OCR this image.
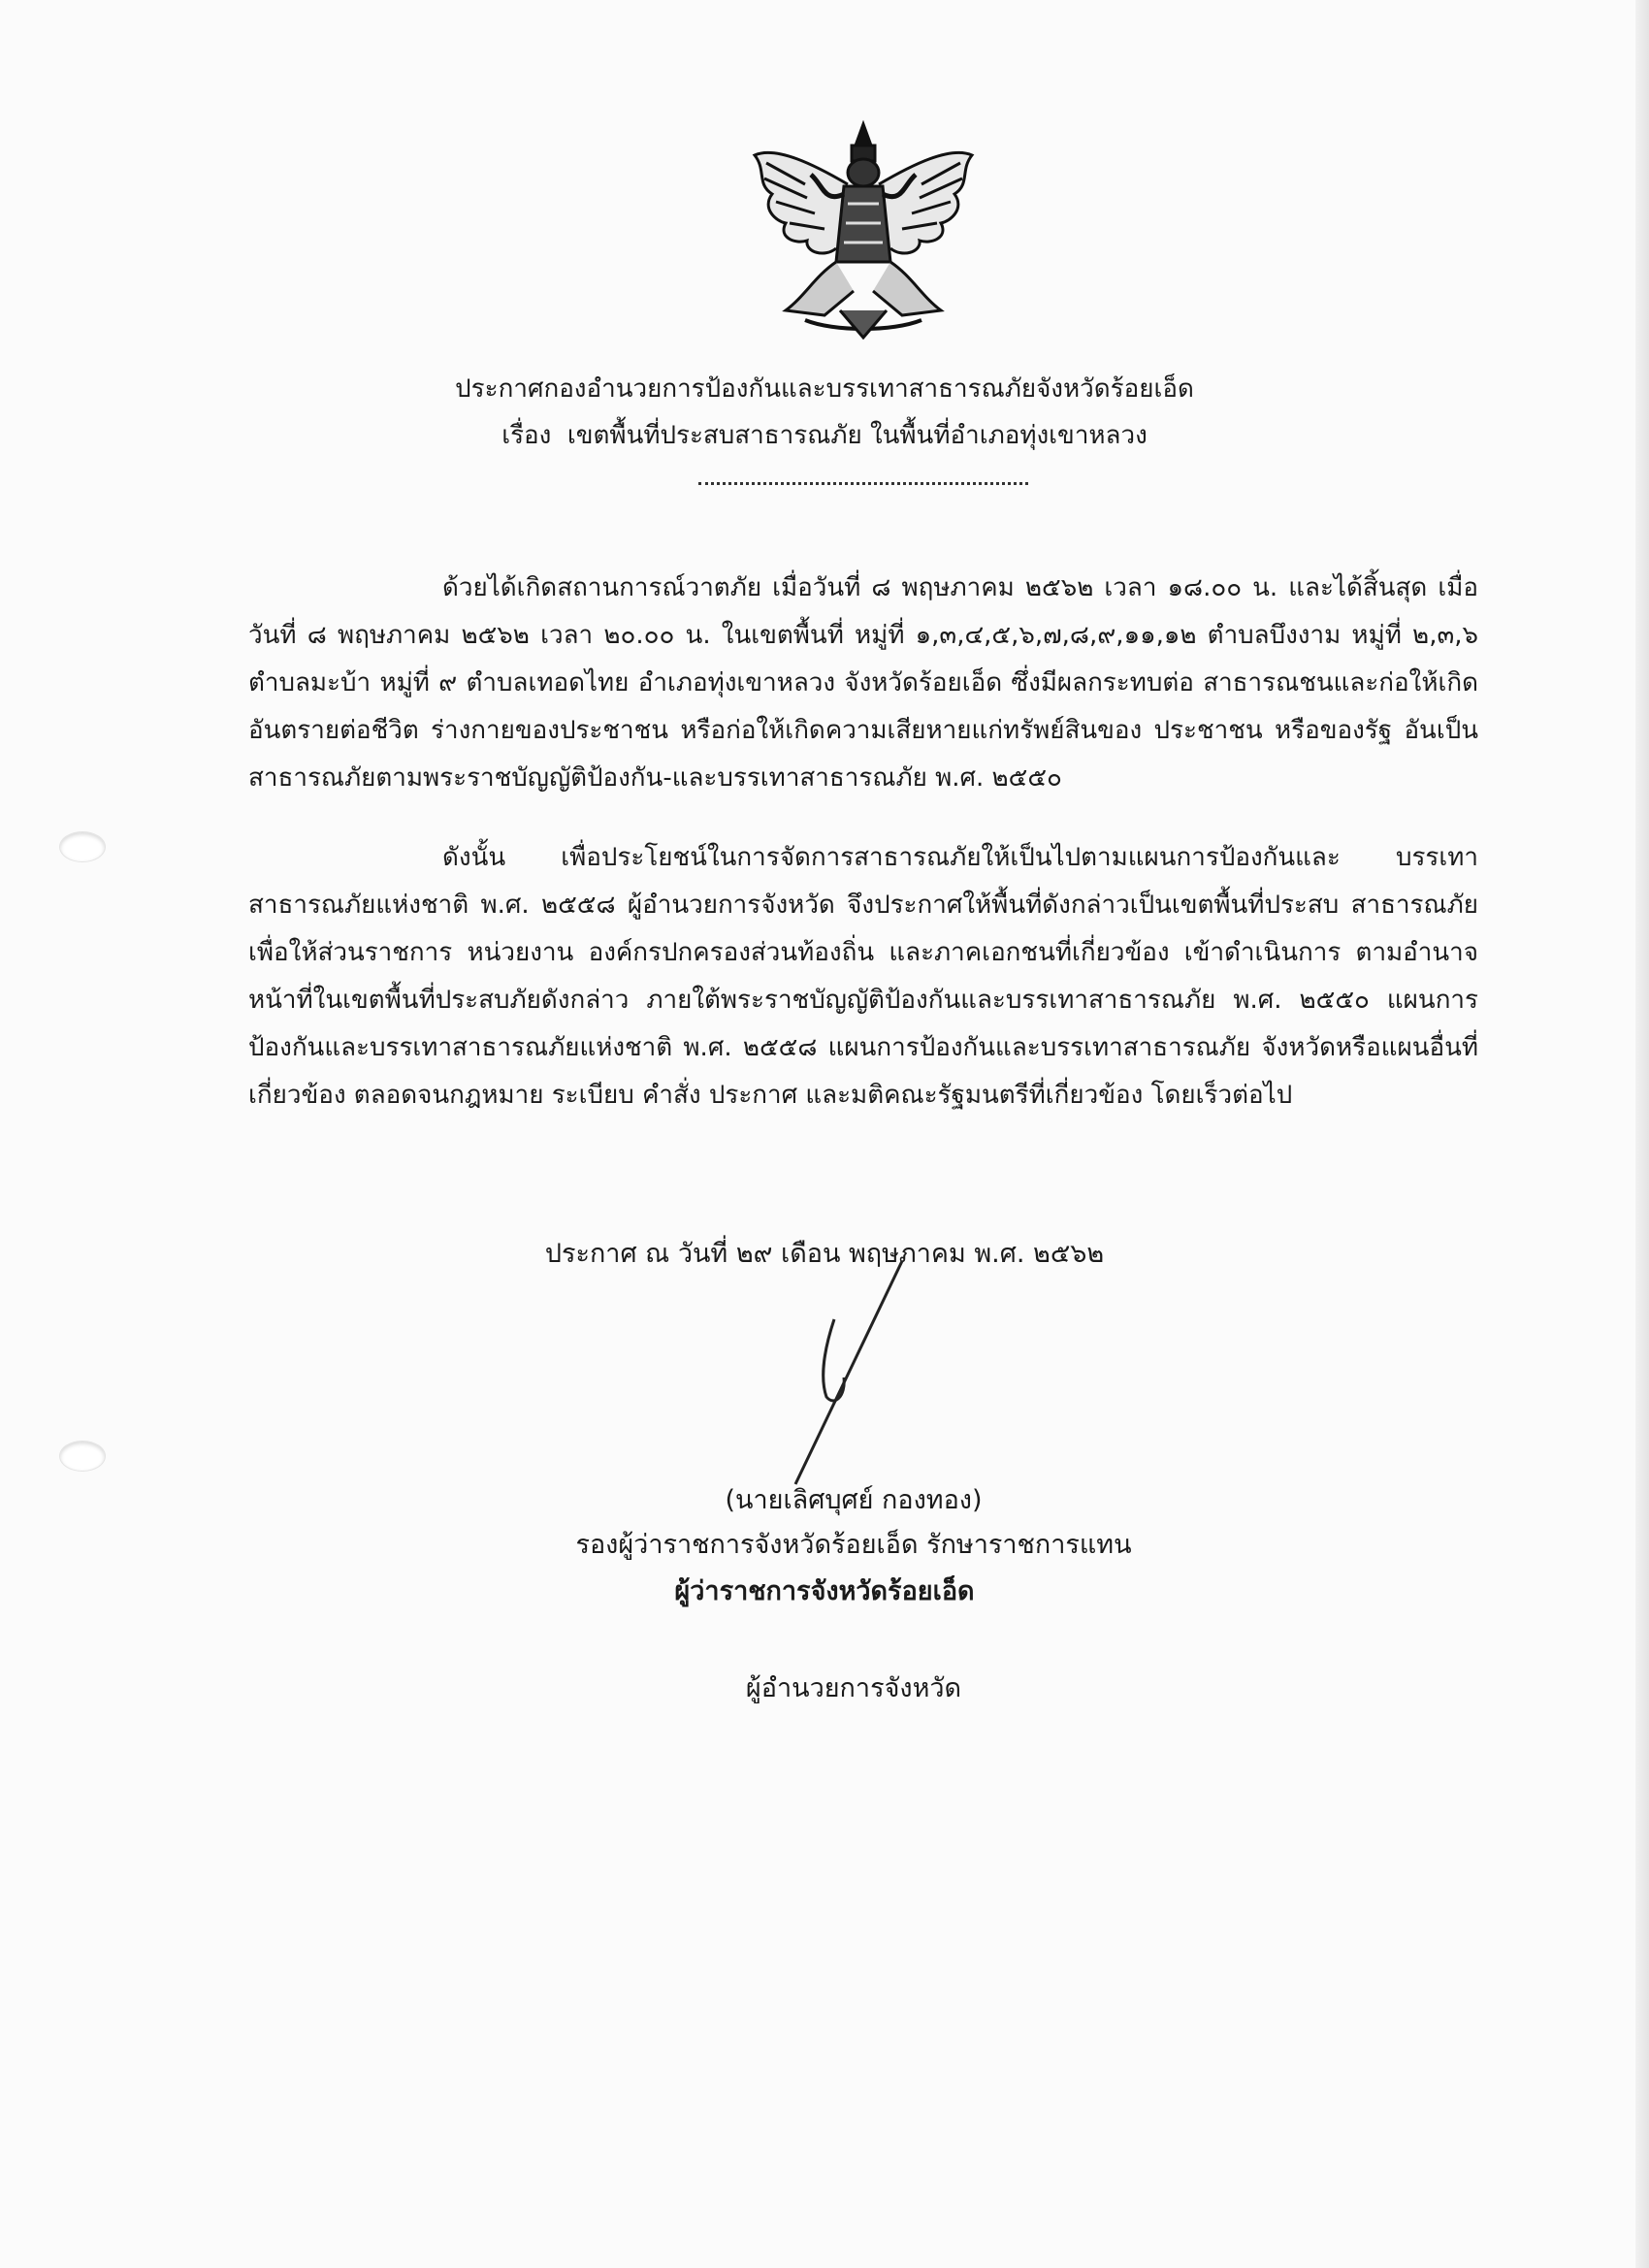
ประกาศกองอำนวยการป้องกันและบรรเทาสาธารณภัยจังหวัดร้อยเอ็ด
เรื่อง เขตพื้นที่ประสบสาธารณภัย ในพื้นที่อำเภอทุ่งเขาหลวง
ด้วยได้เกิดสถานการณ์วาตภัย เมื่อวันที่ ๘ พฤษภาคม ๒๕๖๒ เวลา ๑๘.๐๐ น. และได้สิ้นสุด เมื่อวันที่ ๘ พฤษภาคม ๒๕๖๒ เวลา ๒๐.๐๐ น. ในเขตพื้นที่ หมู่ที่ ๑,๓,๔,๕,๖,๗,๘,๙,๑๑,๑๒ ตำบลบึงงาม หมู่ที่ ๒,๓,๖ ตำบลมะบ้า หมู่ที่ ๙ ตำบลเทอดไทย อำเภอทุ่งเขาหลวง จังหวัดร้อยเอ็ด ซึ่งมีผลกระทบต่อ สาธารณชนและก่อให้เกิดอันตรายต่อชีวิต ร่างกายของประชาชน หรือก่อให้เกิดความเสียหายแก่ทรัพย์สินของ ประชาชน หรือของรัฐ อันเป็นสาธารณภัยตามพระราชบัญญัติป้องกัน-และบรรเทาสาธารณภัย พ.ศ. ๒๕๕๐
ดังนั้น เพื่อประโยชน์ในการจัดการสาธารณภัยให้เป็นไปตามแผนการป้องกันและ บรรเทาสาธารณภัยแห่งชาติ พ.ศ. ๒๕๕๘ ผู้อำนวยการจังหวัด จึงประกาศให้พื้นที่ดังกล่าวเป็นเขตพื้นที่ประสบ สาธารณภัย เพื่อให้ส่วนราชการ หน่วยงาน องค์กรปกครองส่วนท้องถิ่น และภาคเอกชนที่เกี่ยวข้อง เข้าดำเนินการ ตามอำนาจหน้าที่ในเขตพื้นที่ประสบภัยดังกล่าว ภายใต้พระราชบัญญัติป้องกันและบรรเทาสาธารณภัย พ.ศ. ๒๕๕๐ แผนการป้องกันและบรรเทาสาธารณภัยแห่งชาติ พ.ศ. ๒๕๕๘ แผนการป้องกันและบรรเทาสาธารณภัย จังหวัดหรือแผนอื่นที่เกี่ยวข้อง ตลอดจนกฎหมาย ระเบียบ คำสั่ง ประกาศ และมติคณะรัฐมนตรีที่เกี่ยวข้อง โดยเร็วต่อไป
ประกาศ ณ วันที่ ๒๙ เดือน พฤษภาคม พ.ศ. ๒๕๖๒
(นายเลิศบุศย์ กองทอง)
รองผู้ว่าราชการจังหวัดร้อยเอ็ด รักษาราชการแทน
ผู้ว่าราชการจังหวัดร้อยเอ็ด
ผู้อำนวยการจังหวัด
